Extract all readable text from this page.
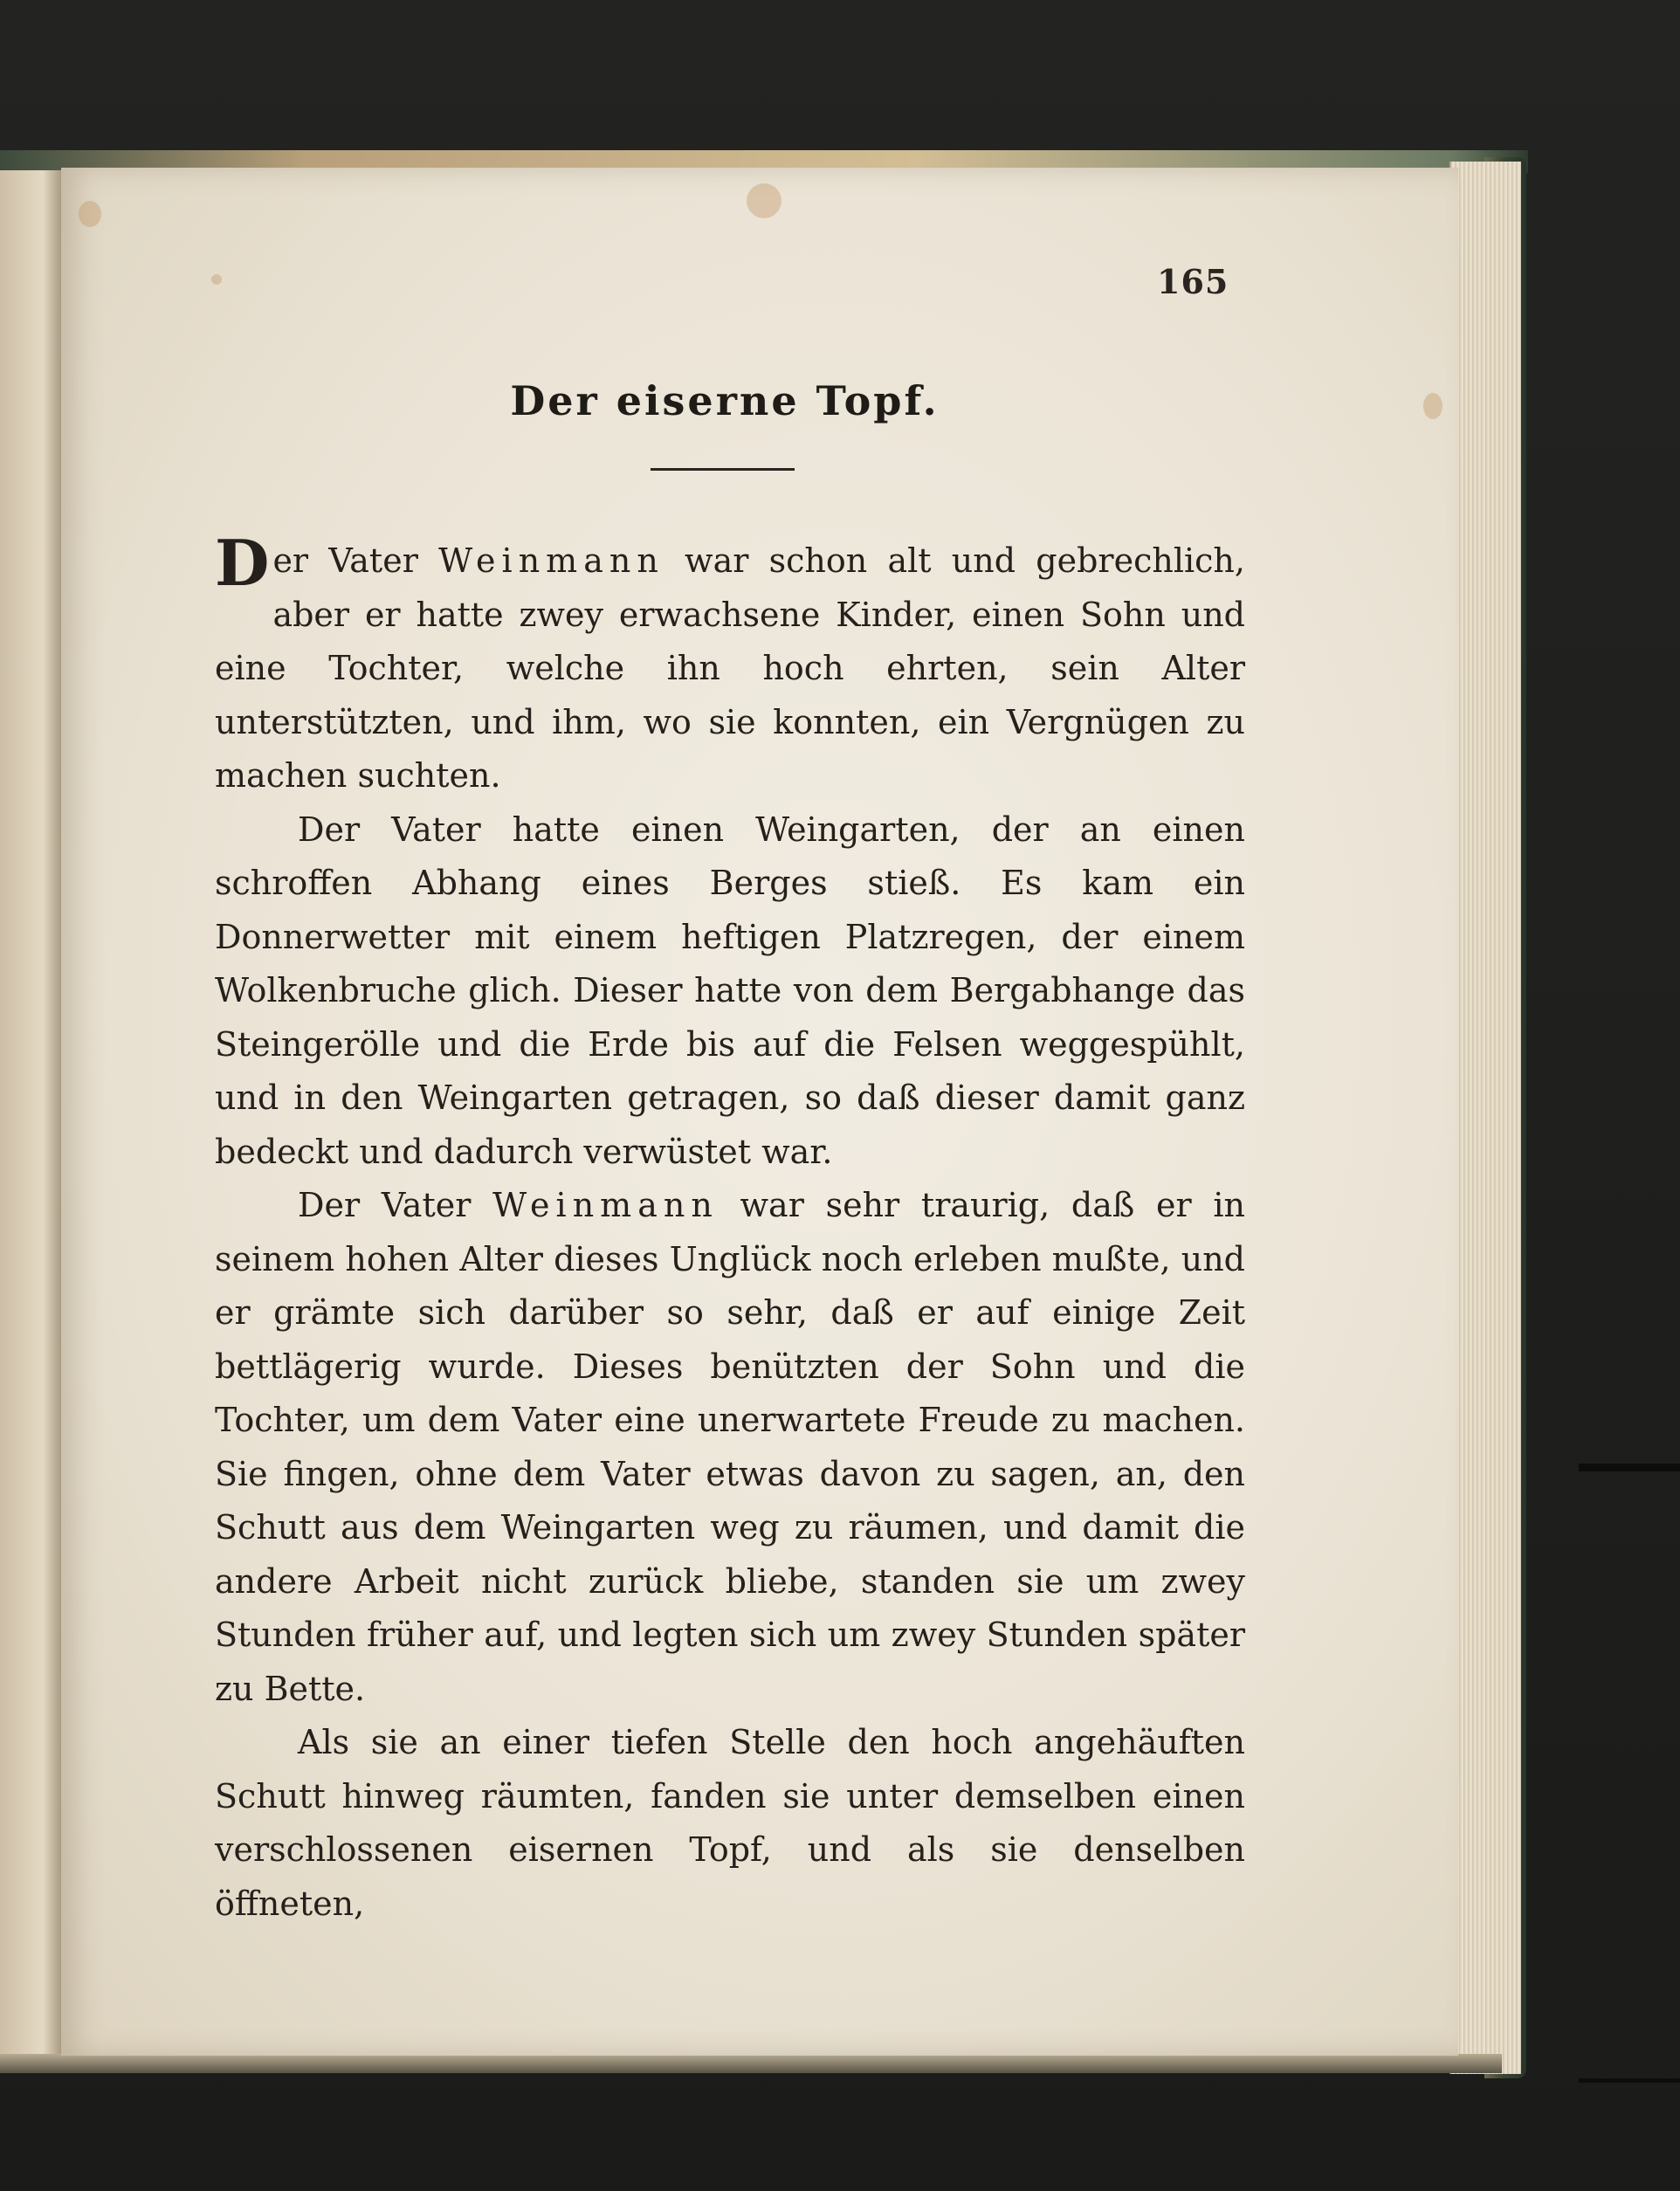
165
Der eiserne Topf.

Der Vater Weinmann war schon alt und gebrechlich, aber er hatte zwey erwachsene Kinder, einen Sohn und eine Tochter, welche ihn hoch ehrten, sein Alter unterstützten, und ihm, wo sie konnten, ein Vergnügen zu machen suchten.

Der Vater hatte einen Weingarten, der an einen schroffen Abhang eines Berges stieß. Es kam ein Donnerwetter mit einem heftigen Platzregen, der einem Wolkenbruche glich. Dieser hatte von dem Bergabhange das Steingerölle und die Erde bis auf die Felsen weggespühlt, und in den Weingarten getragen, so daß dieser damit ganz bedeckt und dadurch verwüstet war.

Der Vater Weinmann war sehr traurig, daß er in seinem hohen Alter dieses Unglück noch erleben mußte, und er grämte sich darüber so sehr, daß er auf einige Zeit bettlägerig wurde. Dieses benützten der Sohn und die Tochter, um dem Vater eine unerwartete Freude zu machen. Sie fingen, ohne dem Vater etwas davon zu sagen, an, den Schutt aus dem Weingarten weg zu räumen, und damit die andere Arbeit nicht zurück bliebe, standen sie um zwey Stunden früher auf, und legten sich um zwey Stunden später zu Bette.

Als sie an einer tiefen Stelle den hoch angehäuften Schutt hinweg räumten, fanden sie unter demselben einen verschlossenen eisernen Topf, und als sie denselben öffneten,
